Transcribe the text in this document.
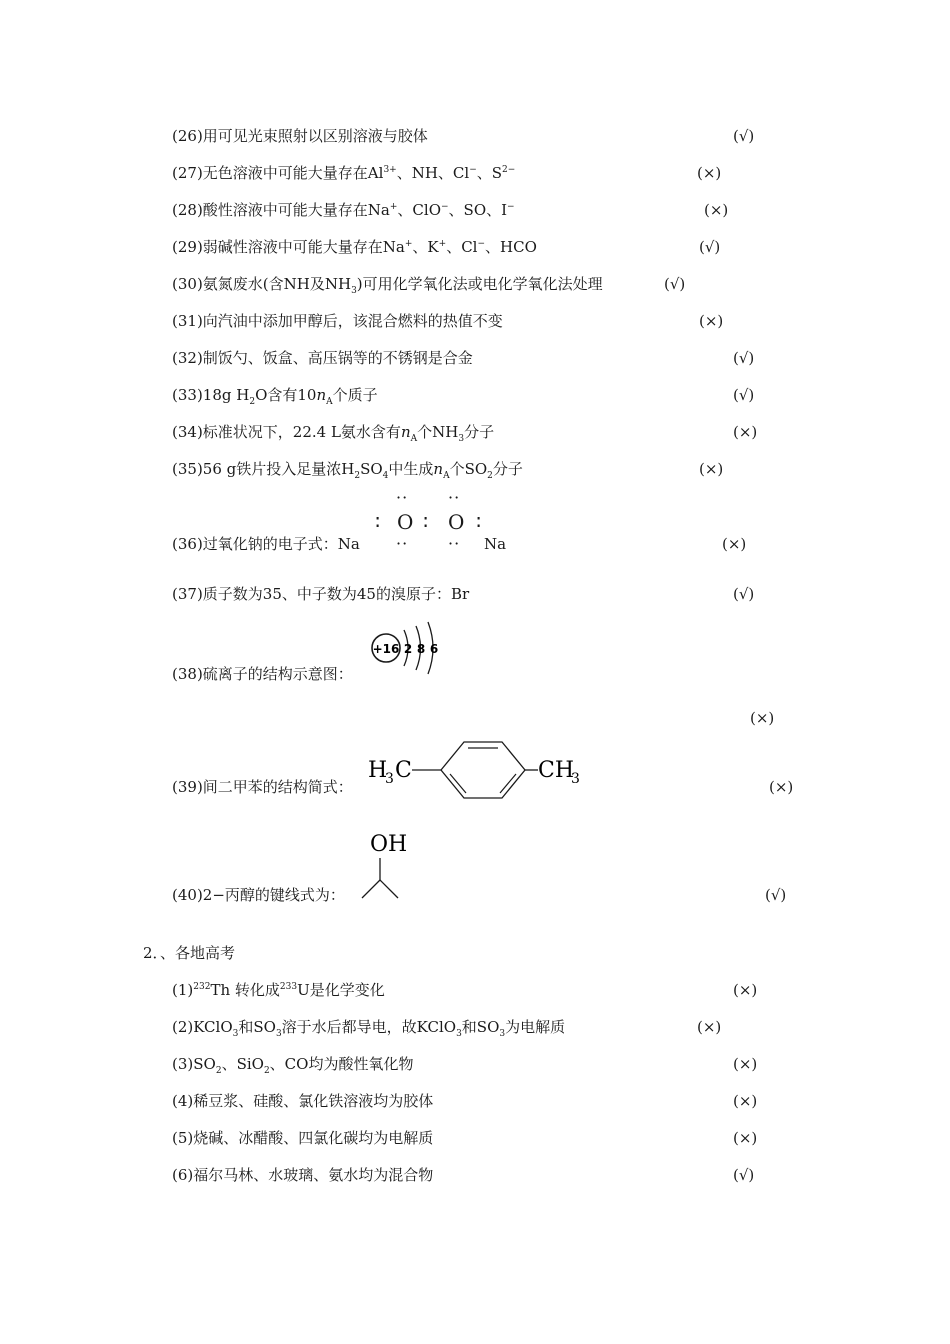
(26)用可见光束照射以区别溶液与胶体	(√)
(27)无色溶液中可能大量存在$Al^{3+}$、NH、Cl−、$S^{2-}$	(×)
(28)酸性溶液中可能大量存在Na+、ClO−、SO、I−	(×)
(29)弱碱性溶液中可能大量存在Na+、K+、Cl−、HCO	(√)
(30)氨氮废水(含NH及$NH_3$)可用化学氧化法或电化学氧化法处理	(√)
(31)向汽油中添加甲醇后，该混合燃料的热值不变	(×)
(32)制饭勺、饭盒、高压锅等的不锈钢是合金	(√)
(33)18g $H_2O$含有$10n_A$个质子	(√)
(34)标准状况下，22.4 L氨水含有$n_A$个$NH_3$分子	(×)
(35)56 g铁片投入足量浓$H_2SO_4$中生成$n_A$个$SO_2$分子	(×)
(36)过氧化钠的电子式：Na
·· ··
∶ O ∶ O ∶
·· ·· Na	(×)
(37)质子数为35、中子数为45的溴原子：Br	(√)
(38)硫离子的结构示意图：
+16 2 8 6
(×)
(39)间二甲苯的结构简式：
H
3 C	CH
3	(×)
(40)2−丙醇的键线式为：
OH
(√)
2．、各地高考
$(1)^{232}Th$ 转化成$^{233}$U是化学变化	(×)
(2)KClO$_3$和$SO_3$溶于水后都导电，故KClO$_3$和$SO_3$为电解质	(×)
$(3)SO_2$、SiO$_2$、CO均为酸性氧化物	(×)
(4)稀豆浆、硅酸、氯化铁溶液均为胶体	(×)
(5)烧碱、冰醋酸、四氯化碳均为电解质	(×)
(6)福尔马林、水玻璃、氨水均为混合物	(√)
